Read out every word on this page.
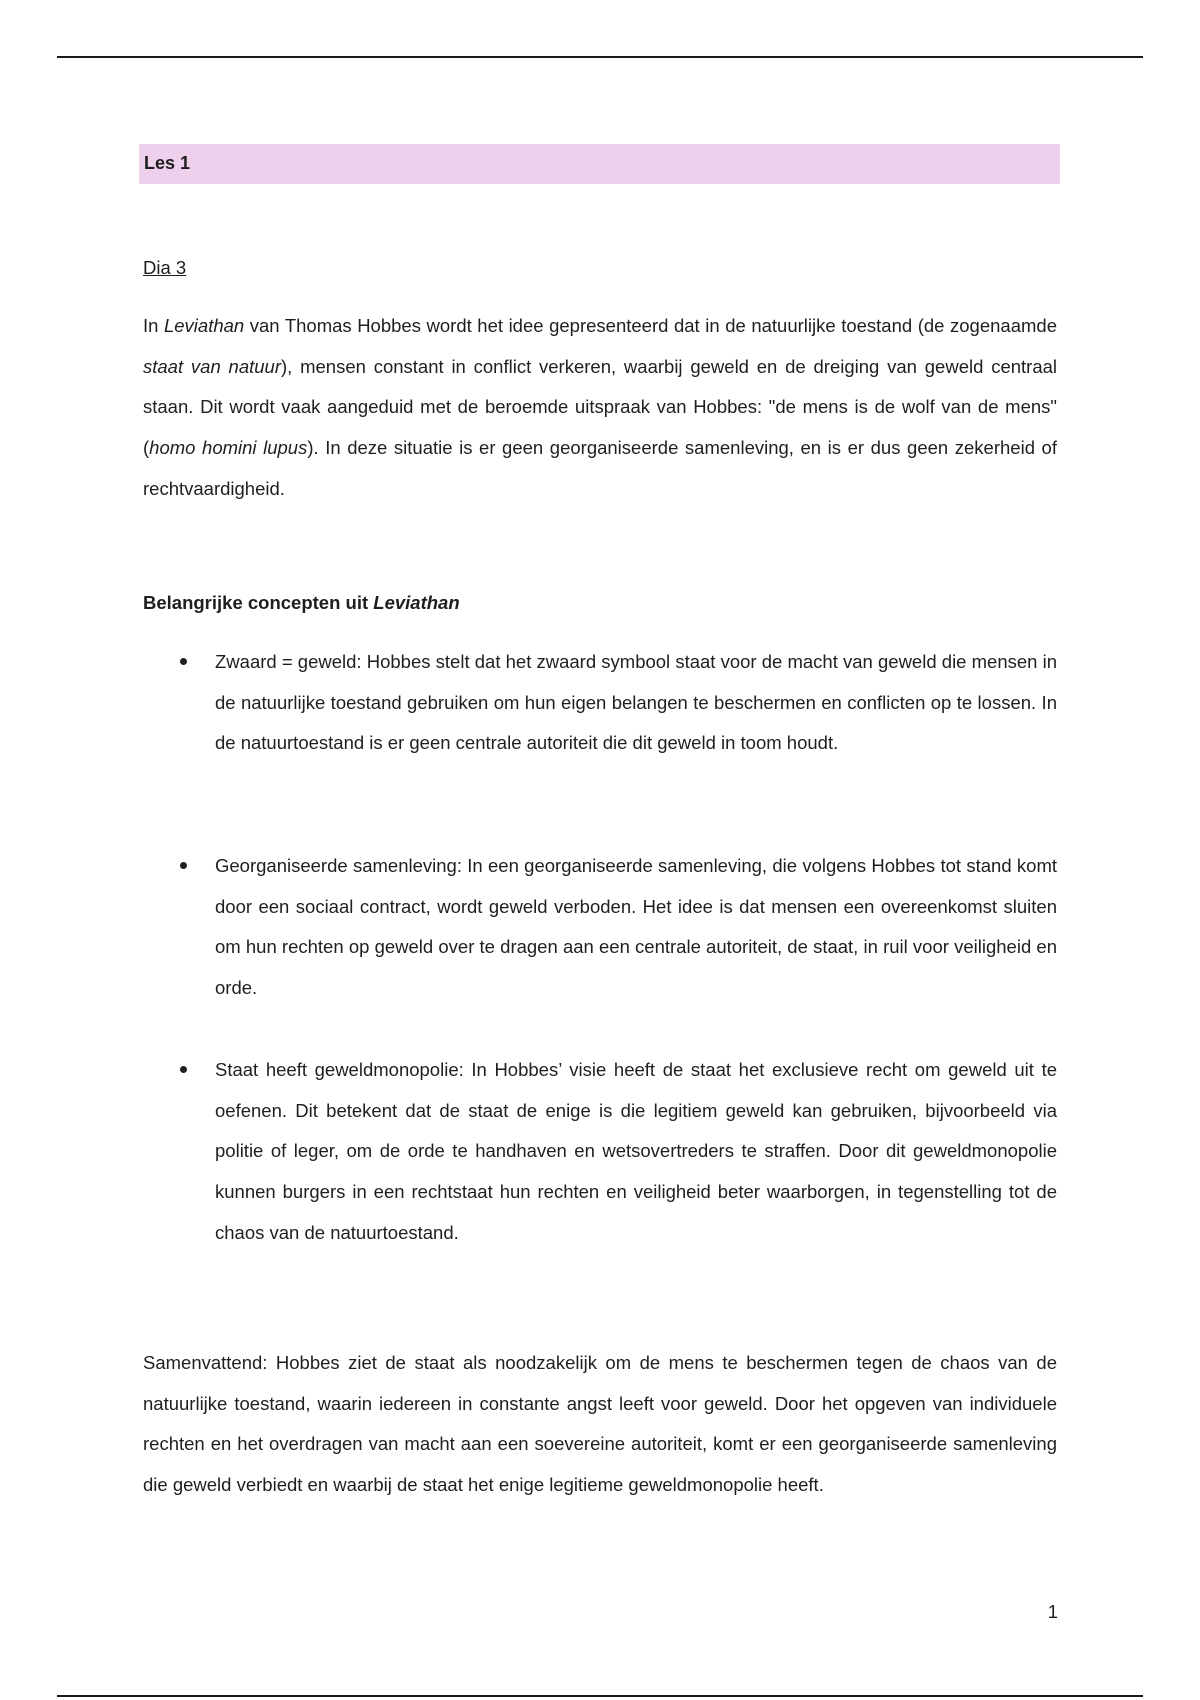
Les 1
Dia 3
In Leviathan van Thomas Hobbes wordt het idee gepresenteerd dat in de natuurlijke toestand (de zogenaamde staat van natuur), mensen constant in conflict verkeren, waarbij geweld en de dreiging van geweld centraal staan. Dit wordt vaak aangeduid met de beroemde uitspraak van Hobbes: "de mens is de wolf van de mens" (homo homini lupus). In deze situatie is er geen georganiseerde samenleving, en is er dus geen zekerheid of rechtvaardigheid.
Belangrijke concepten uit Leviathan
Zwaard = geweld: Hobbes stelt dat het zwaard symbool staat voor de macht van geweld die mensen in de natuurlijke toestand gebruiken om hun eigen belangen te beschermen en conflicten op te lossen. In de natuurtoestand is er geen centrale autoriteit die dit geweld in toom houdt.
Georganiseerde samenleving: In een georganiseerde samenleving, die volgens Hobbes tot stand komt door een sociaal contract, wordt geweld verboden. Het idee is dat mensen een overeenkomst sluiten om hun rechten op geweld over te dragen aan een centrale autoriteit, de staat, in ruil voor veiligheid en orde.
Staat heeft geweldmonopolie: In Hobbes’ visie heeft de staat het exclusieve recht om geweld uit te oefenen. Dit betekent dat de staat de enige is die legitiem geweld kan gebruiken, bijvoorbeeld via politie of leger, om de orde te handhaven en wetsovertreders te straffen. Door dit geweldmonopolie kunnen burgers in een rechtstaat hun rechten en veiligheid beter waarborgen, in tegenstelling tot de chaos van de natuurtoestand.
Samenvattend: Hobbes ziet de staat als noodzakelijk om de mens te beschermen tegen de chaos van de natuurlijke toestand, waarin iedereen in constante angst leeft voor geweld. Door het opgeven van individuele rechten en het overdragen van macht aan een soevereine autoriteit, komt er een georganiseerde samenleving die geweld verbiedt en waarbij de staat het enige legitieme geweldmonopolie heeft.
1
